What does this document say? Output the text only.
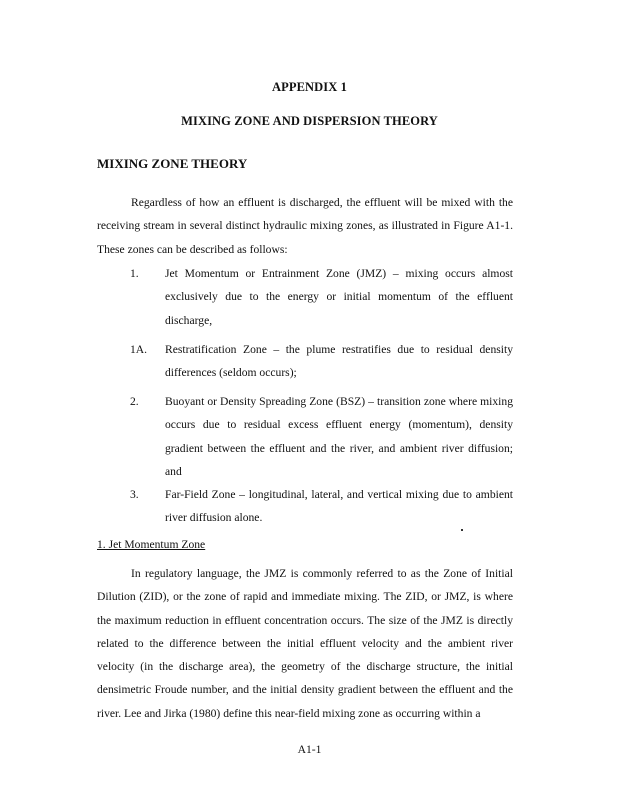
APPENDIX 1
MIXING ZONE AND DISPERSION THEORY
MIXING ZONE THEORY
Regardless of how an effluent is discharged, the effluent will be mixed with the receiving stream in several distinct hydraulic mixing zones, as illustrated in Figure A1-1. These zones can be described as follows:
1. Jet Momentum or Entrainment Zone (JMZ) – mixing occurs almost exclusively due to the energy or initial momentum of the effluent discharge,
1A. Restratification Zone – the plume restratifies due to residual density differences (seldom occurs);
2. Buoyant or Density Spreading Zone (BSZ) – transition zone where mixing occurs due to residual excess effluent energy (momentum), density gradient between the effluent and the river, and ambient river diffusion; and
3. Far-Field Zone – longitudinal, lateral, and vertical mixing due to ambient river diffusion alone.
1. Jet Momentum Zone
In regulatory language, the JMZ is commonly referred to as the Zone of Initial Dilution (ZID), or the zone of rapid and immediate mixing. The ZID, or JMZ, is where the maximum reduction in effluent concentration occurs. The size of the JMZ is directly related to the difference between the initial effluent velocity and the ambient river velocity (in the discharge area), the geometry of the discharge structure, the initial densimetric Froude number, and the initial density gradient between the effluent and the river. Lee and Jirka (1980) define this near-field mixing zone as occurring within a
A1-1
